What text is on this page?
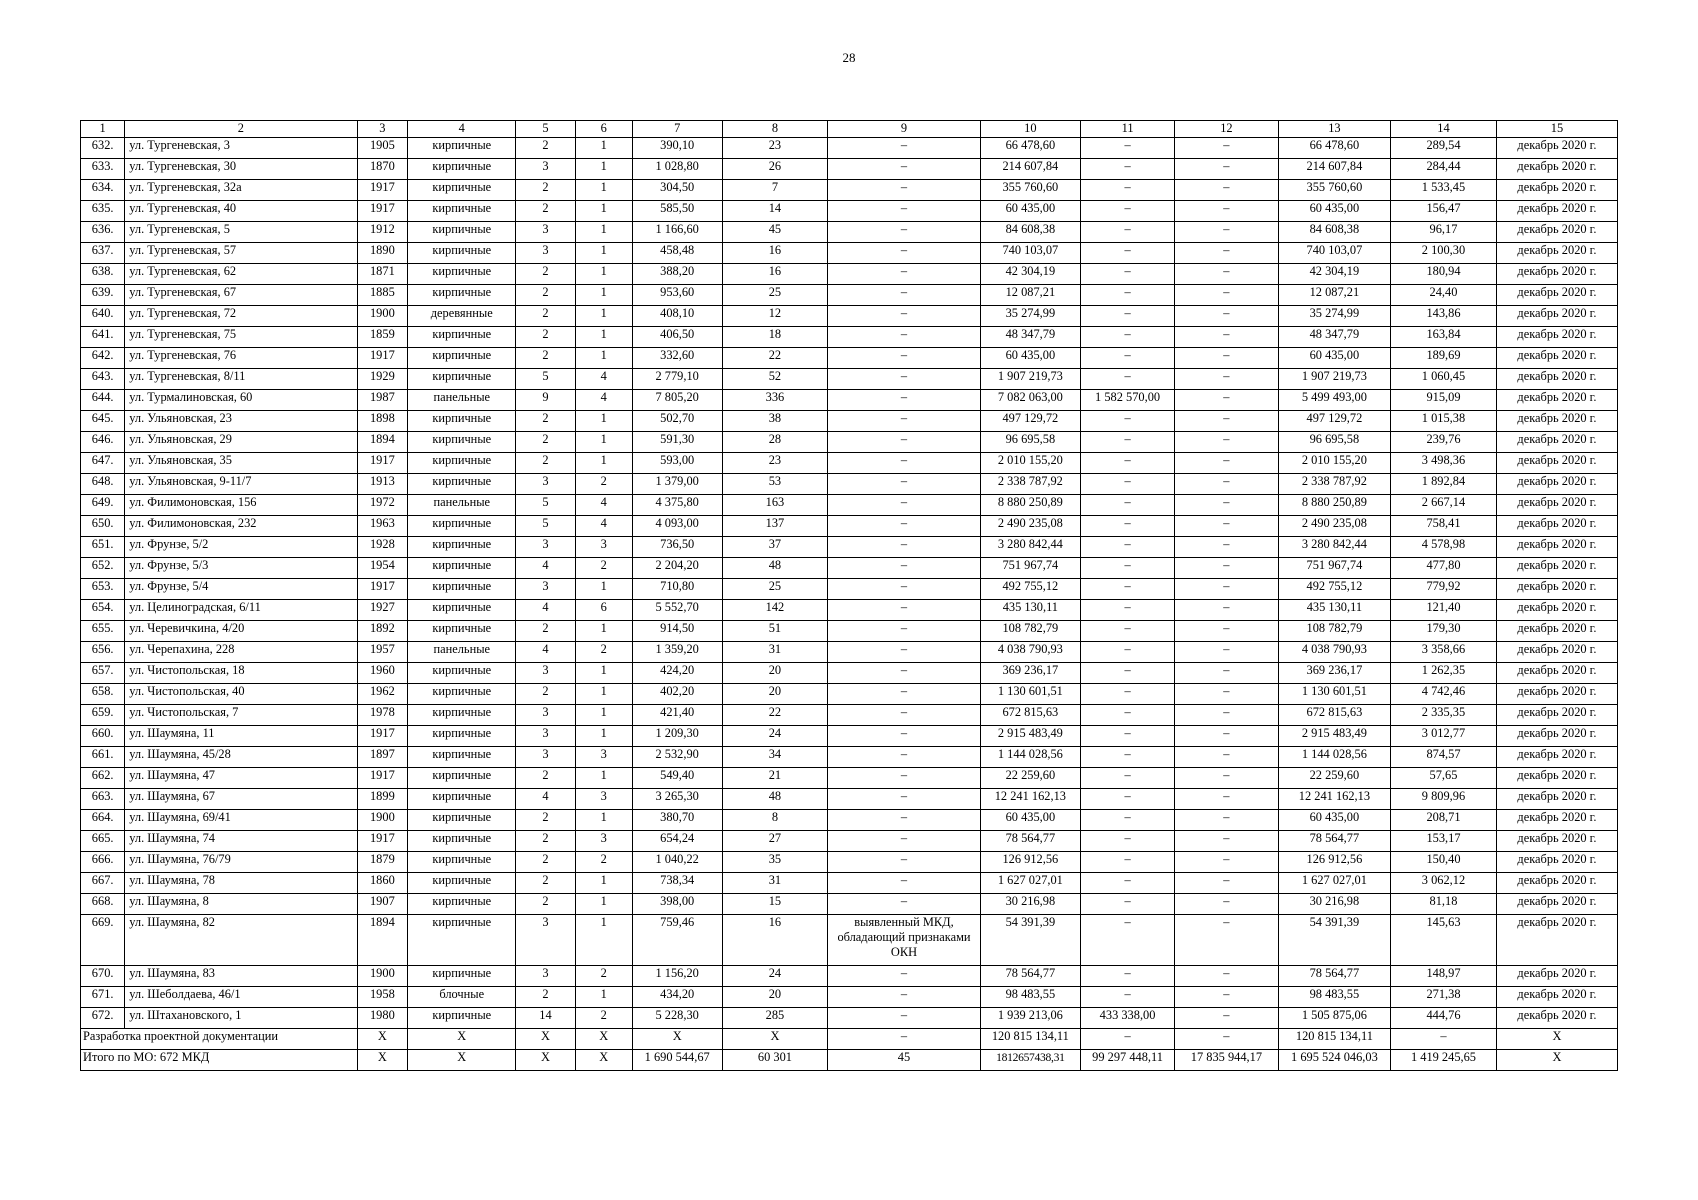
28
1	2	3	4	5	6	7	8	9	10	11	12	13	14	15
632.	ул. Тургеневская, 3	1905	кирпичные	2	1	390,10	23	–	66 478,60	–	–	66 478,60	289,54	декабрь 2020 г.
633.	ул. Тургеневская, 30	1870	кирпичные	3	1	1 028,80	26	–	214 607,84	–	–	214 607,84	284,44	декабрь 2020 г.
634.	ул. Тургеневская, 32а	1917	кирпичные	2	1	304,50	7	–	355 760,60	–	–	355 760,60	1 533,45	декабрь 2020 г.
635.	ул. Тургеневская, 40	1917	кирпичные	2	1	585,50	14	–	60 435,00	–	–	60 435,00	156,47	декабрь 2020 г.
636.	ул. Тургеневская, 5	1912	кирпичные	3	1	1 166,60	45	–	84 608,38	–	–	84 608,38	96,17	декабрь 2020 г.
637.	ул. Тургеневская, 57	1890	кирпичные	3	1	458,48	16	–	740 103,07	–	–	740 103,07	2 100,30	декабрь 2020 г.
638.	ул. Тургеневская, 62	1871	кирпичные	2	1	388,20	16	–	42 304,19	–	–	42 304,19	180,94	декабрь 2020 г.
639.	ул. Тургеневская, 67	1885	кирпичные	2	1	953,60	25	–	12 087,21	–	–	12 087,21	24,40	декабрь 2020 г.
640.	ул. Тургеневская, 72	1900	деревянные	2	1	408,10	12	–	35 274,99	–	–	35 274,99	143,86	декабрь 2020 г.
641.	ул. Тургеневская, 75	1859	кирпичные	2	1	406,50	18	–	48 347,79	–	–	48 347,79	163,84	декабрь 2020 г.
642.	ул. Тургеневская, 76	1917	кирпичные	2	1	332,60	22	–	60 435,00	–	–	60 435,00	189,69	декабрь 2020 г.
643.	ул. Тургеневская, 8/11	1929	кирпичные	5	4	2 779,10	52	–	1 907 219,73	–	–	1 907 219,73	1 060,45	декабрь 2020 г.
644.	ул. Турмалиновская, 60	1987	панельные	9	4	7 805,20	336	–	7 082 063,00	1 582 570,00	–	5 499 493,00	915,09	декабрь 2020 г.
645.	ул. Ульяновская, 23	1898	кирпичные	2	1	502,70	38	–	497 129,72	–	–	497 129,72	1 015,38	декабрь 2020 г.
646.	ул. Ульяновская, 29	1894	кирпичные	2	1	591,30	28	–	96 695,58	–	–	96 695,58	239,76	декабрь 2020 г.
647.	ул. Ульяновская, 35	1917	кирпичные	2	1	593,00	23	–	2 010 155,20	–	–	2 010 155,20	3 498,36	декабрь 2020 г.
648.	ул. Ульяновская, 9-11/7	1913	кирпичные	3	2	1 379,00	53	–	2 338 787,92	–	–	2 338 787,92	1 892,84	декабрь 2020 г.
649.	ул. Филимоновская, 156	1972	панельные	5	4	4 375,80	163	–	8 880 250,89	–	–	8 880 250,89	2 667,14	декабрь 2020 г.
650.	ул. Филимоновская, 232	1963	кирпичные	5	4	4 093,00	137	–	2 490 235,08	–	–	2 490 235,08	758,41	декабрь 2020 г.
651.	ул. Фрунзе, 5/2	1928	кирпичные	3	3	736,50	37	–	3 280 842,44	–	–	3 280 842,44	4 578,98	декабрь 2020 г.
652.	ул. Фрунзе, 5/3	1954	кирпичные	4	2	2 204,20	48	–	751 967,74	–	–	751 967,74	477,80	декабрь 2020 г.
653.	ул. Фрунзе, 5/4	1917	кирпичные	3	1	710,80	25	–	492 755,12	–	–	492 755,12	779,92	декабрь 2020 г.
654.	ул. Целиноградская, 6/11	1927	кирпичные	4	6	5 552,70	142	–	435 130,11	–	–	435 130,11	121,40	декабрь 2020 г.
655.	ул. Черевичкина, 4/20	1892	кирпичные	2	1	914,50	51	–	108 782,79	–	–	108 782,79	179,30	декабрь 2020 г.
656.	ул. Черепахина, 228	1957	панельные	4	2	1 359,20	31	–	4 038 790,93	–	–	4 038 790,93	3 358,66	декабрь 2020 г.
657.	ул. Чистопольская, 18	1960	кирпичные	3	1	424,20	20	–	369 236,17	–	–	369 236,17	1 262,35	декабрь 2020 г.
658.	ул. Чистопольская, 40	1962	кирпичные	2	1	402,20	20	–	1 130 601,51	–	–	1 130 601,51	4 742,46	декабрь 2020 г.
659.	ул. Чистопольская, 7	1978	кирпичные	3	1	421,40	22	–	672 815,63	–	–	672 815,63	2 335,35	декабрь 2020 г.
660.	ул. Шаумяна, 11	1917	кирпичные	3	1	1 209,30	24	–	2 915 483,49	–	–	2 915 483,49	3 012,77	декабрь 2020 г.
661.	ул. Шаумяна, 45/28	1897	кирпичные	3	3	2 532,90	34	–	1 144 028,56	–	–	1 144 028,56	874,57	декабрь 2020 г.
662.	ул. Шаумяна, 47	1917	кирпичные	2	1	549,40	21	–	22 259,60	–	–	22 259,60	57,65	декабрь 2020 г.
663.	ул. Шаумяна, 67	1899	кирпичные	4	3	3 265,30	48	–	12 241 162,13	–	–	12 241 162,13	9 809,96	декабрь 2020 г.
664.	ул. Шаумяна, 69/41	1900	кирпичные	2	1	380,70	8	–	60 435,00	–	–	60 435,00	208,71	декабрь 2020 г.
665.	ул. Шаумяна, 74	1917	кирпичные	2	3	654,24	27	–	78 564,77	–	–	78 564,77	153,17	декабрь 2020 г.
666.	ул. Шаумяна, 76/79	1879	кирпичные	2	2	1 040,22	35	–	126 912,56	–	–	126 912,56	150,40	декабрь 2020 г.
667.	ул. Шаумяна, 78	1860	кирпичные	2	1	738,34	31	–	1 627 027,01	–	–	1 627 027,01	3 062,12	декабрь 2020 г.
668.	ул. Шаумяна, 8	1907	кирпичные	2	1	398,00	15	–	30 216,98	–	–	30 216,98	81,18	декабрь 2020 г.
669.	ул. Шаумяна, 82	1894	кирпичные	3	1	759,46	16	выявленный МКД, обладающий признаками ОКН	54 391,39	–	–	54 391,39	145,63	декабрь 2020 г.
670.	ул. Шаумяна, 83	1900	кирпичные	3	2	1 156,20	24	–	78 564,77	–	–	78 564,77	148,97	декабрь 2020 г.
671.	ул. Шеболдаева, 46/1	1958	блочные	2	1	434,20	20	–	98 483,55	–	–	98 483,55	271,38	декабрь 2020 г.
672.	ул. Штахановского, 1	1980	кирпичные	14	2	5 228,30	285	–	1 939 213,06	433 338,00	–	1 505 875,06	444,76	декабрь 2020 г.
Разработка проектной документации		X	X	X	X	X	X	–	120 815 134,11	–	–	120 815 134,11	–	X
Итого по МО: 672 МКД		X	X	X	X	1 690 544,67	60 301	45	1812657438,31	99 297 448,11	17 835 944,17	1 695 524 046,03	1 419 245,65	X
